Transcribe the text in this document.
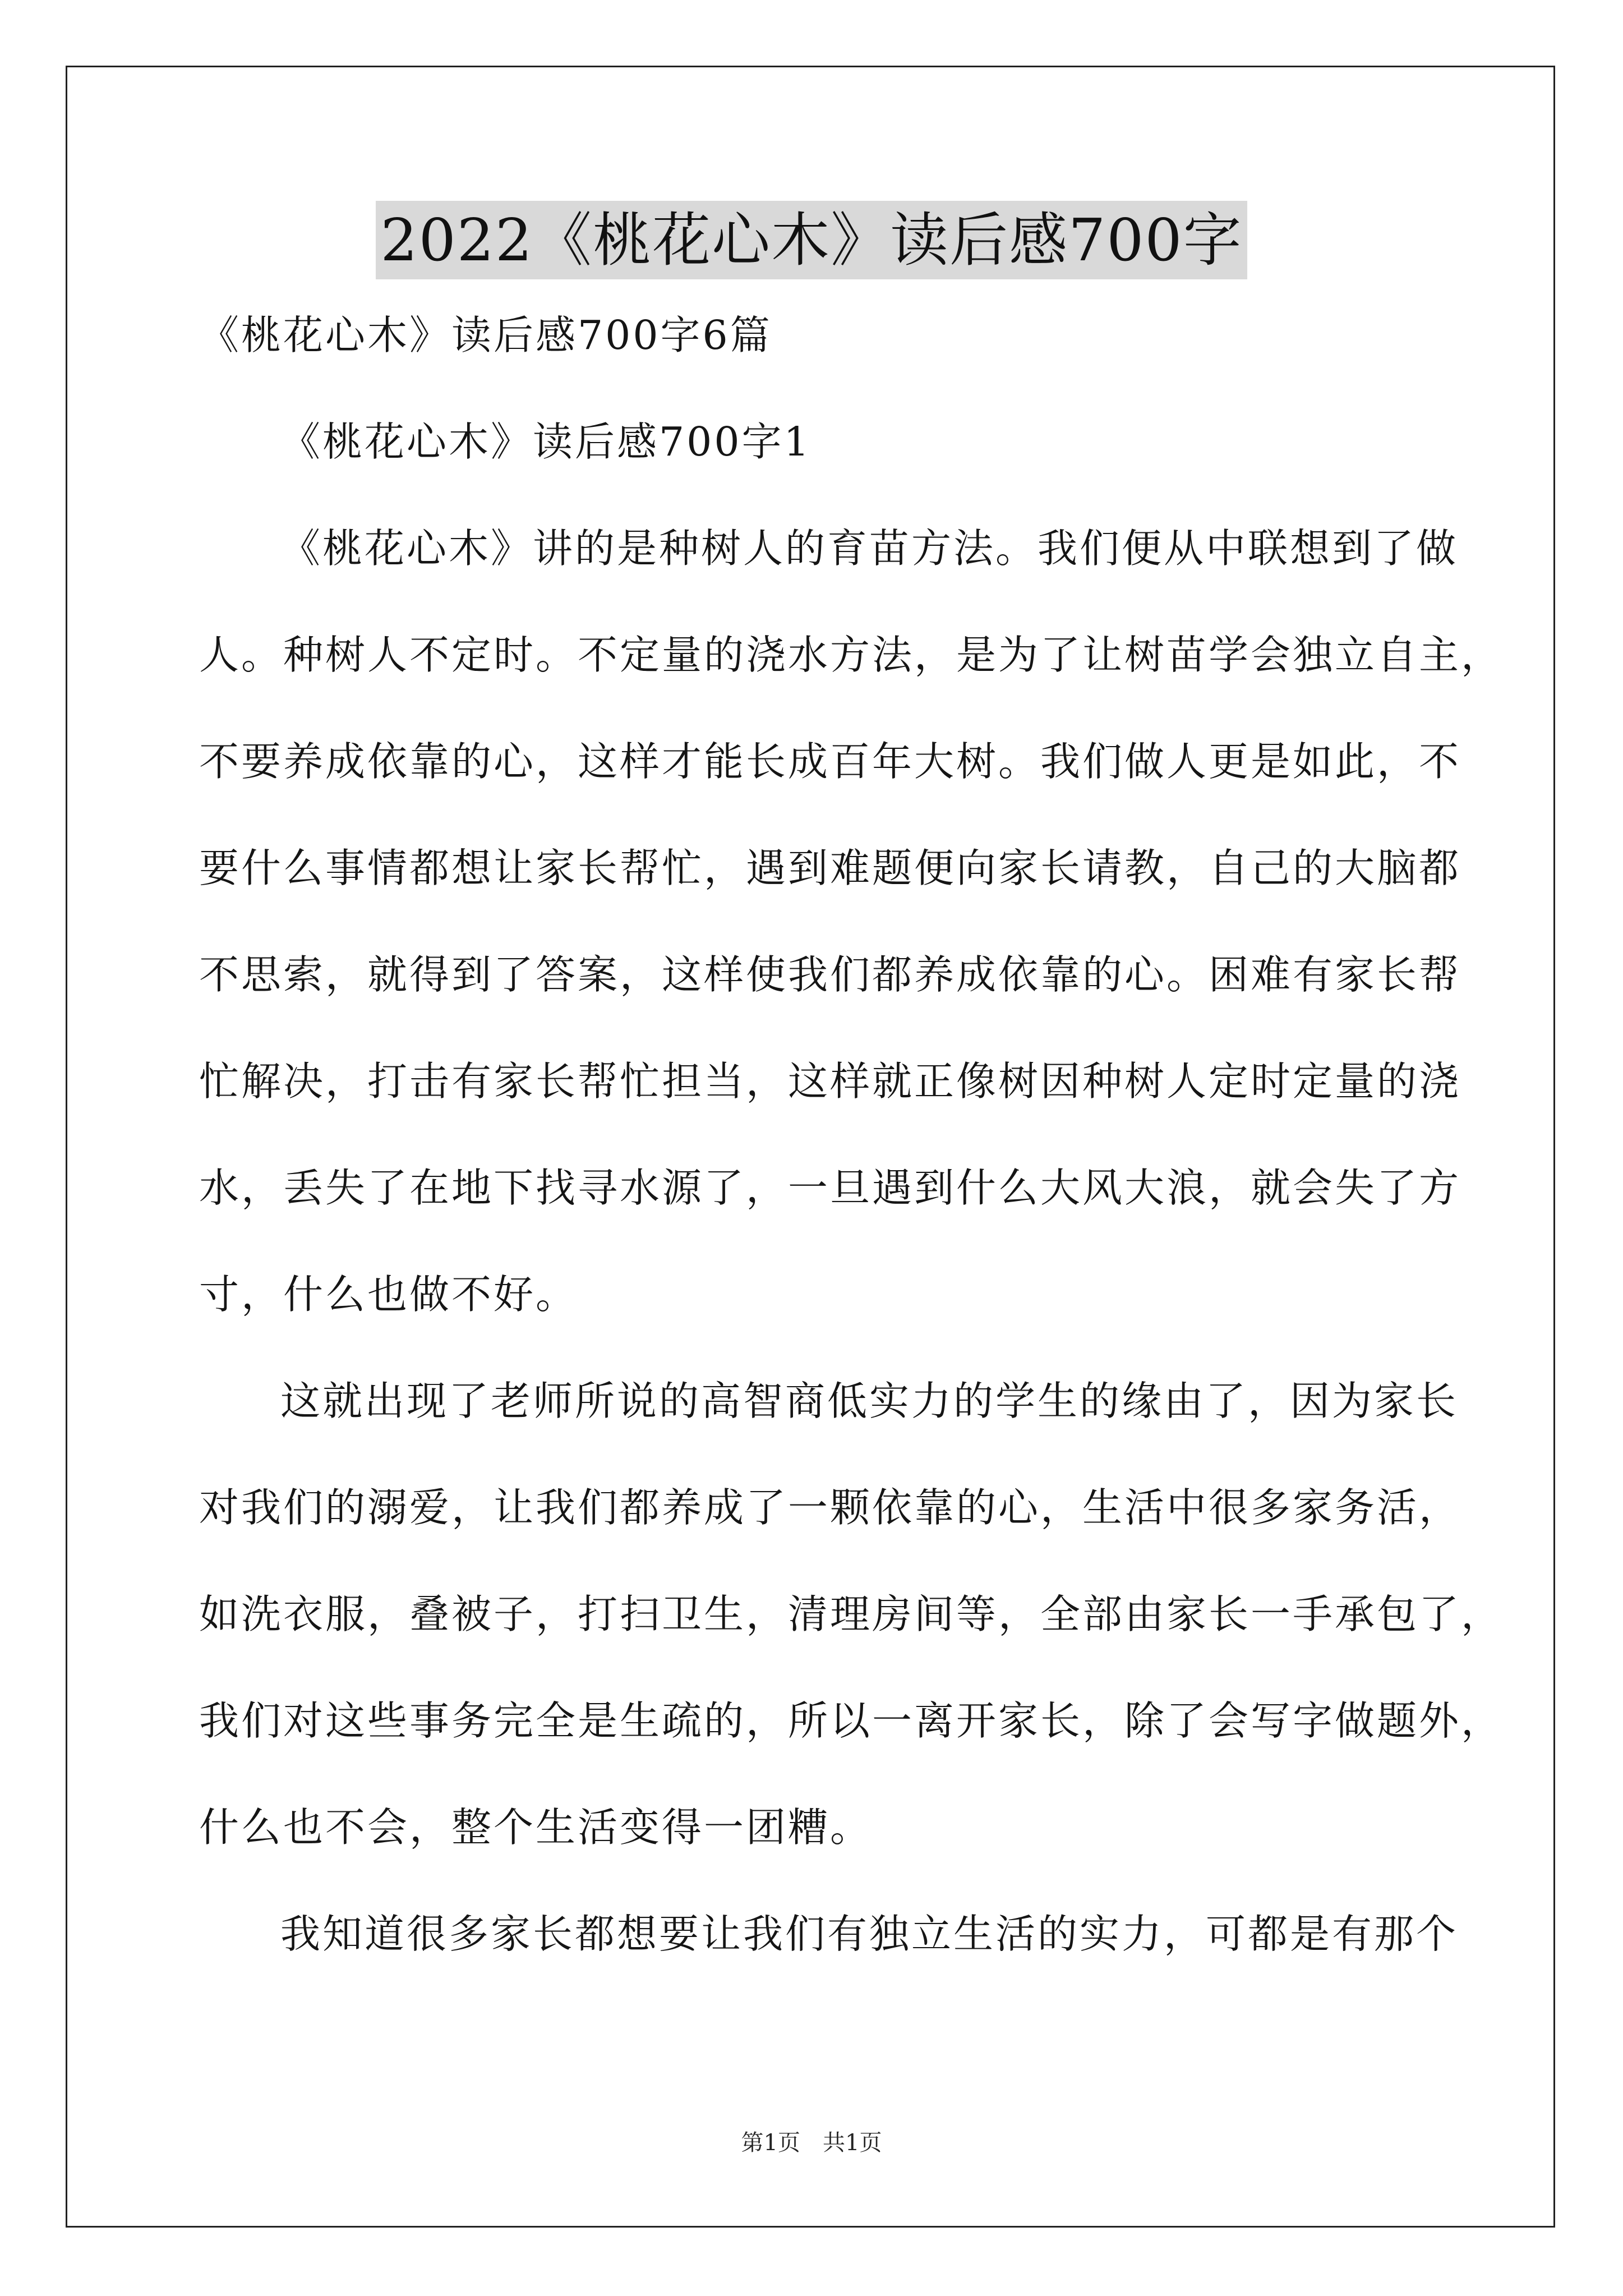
2022《桃花心木》读后感700字
《桃花心木》读后感700字6篇
《桃花心木》读后感700字1
《桃花心木》讲的是种树人的育苗方法。我们便从中联想到了做
人。种树人不定时。不定量的浇水方法，是为了让树苗学会独立自主，
不要养成依靠的心，这样才能长成百年大树。我们做人更是如此，不
要什么事情都想让家长帮忙，遇到难题便向家长请教，自己的大脑都
不思索，就得到了答案，这样使我们都养成依靠的心。困难有家长帮
忙解决，打击有家长帮忙担当，这样就正像树因种树人定时定量的浇
水，丢失了在地下找寻水源了，一旦遇到什么大风大浪，就会失了方
寸，什么也做不好。
这就出现了老师所说的高智商低实力的学生的缘由了，因为家长
对我们的溺爱，让我们都养成了一颗依靠的心，生活中很多家务活，
如洗衣服，叠被子，打扫卫生，清理房间等，全部由家长一手承包了，
我们对这些事务完全是生疏的，所以一离开家长，除了会写字做题外，
什么也不会，整个生活变得一团糟。
我知道很多家长都想要让我们有独立生活的实力，可都是有那个
第1页　共1页
